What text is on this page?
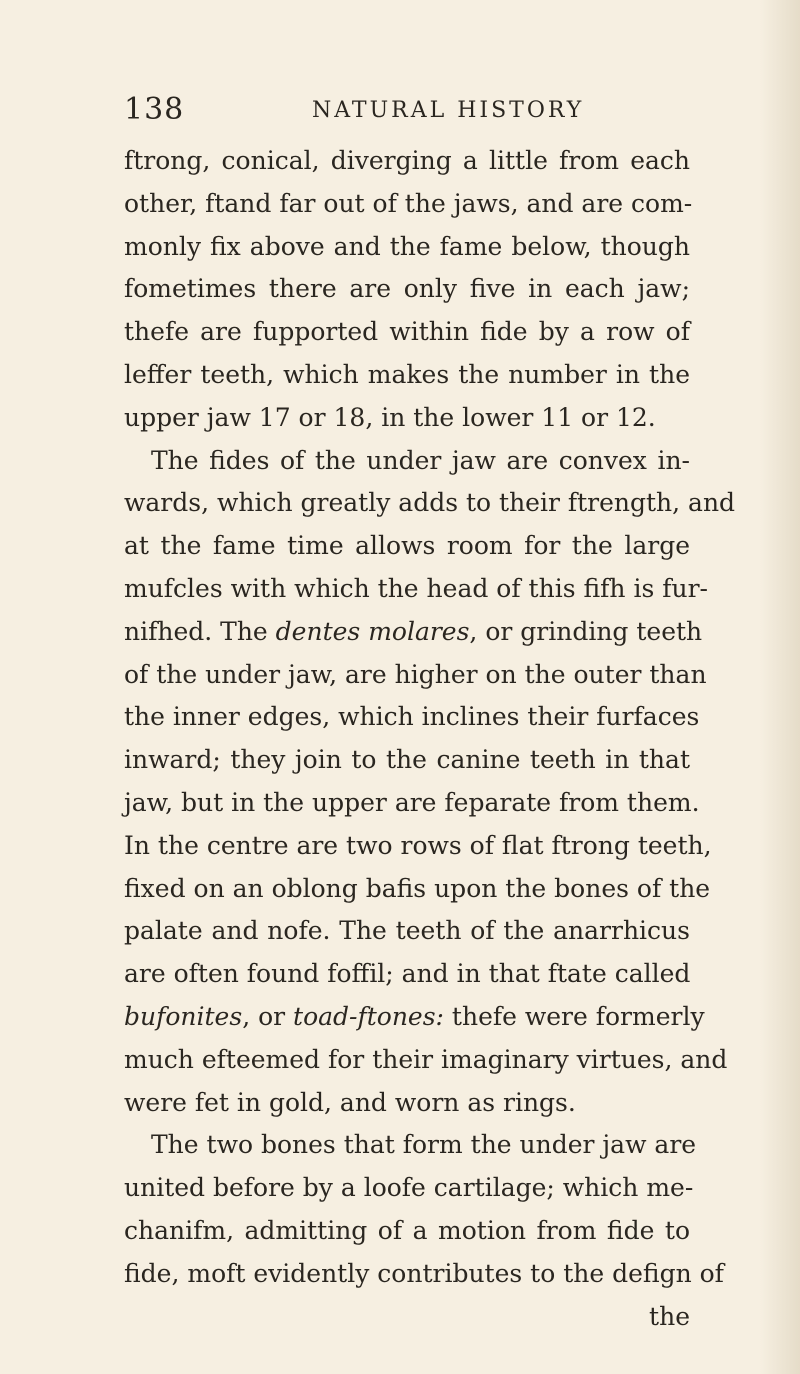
138	NATURAL HISTORY
ftrong, conical, diverging a little from each
other, ftand far out of the jaws, and are com-
monly fix above and the fame below, though
fometimes there are only five in each jaw;
thefe are fupported within fide by a row of
leffer teeth, which makes the number in the
upper jaw 17 or 18, in the lower 11 or 12.
The fides of the under jaw are convex in-
wards, which greatly adds to their ftrength, and
at the fame time allows room for the large
mufcles with which the head of this fifh is fur-
nifhed. The dentes molares, or grinding teeth
of the under jaw, are higher on the outer than
the inner edges, which inclines their furfaces
inward; they join to the canine teeth in that
jaw, but in the upper are feparate from them.
In the centre are two rows of flat ftrong teeth,
fixed on an oblong bafis upon the bones of the
palate and nofe. The teeth of the anarrhicus
are often found foffil; and in that ftate called
bufonites, or toad-ftones: thefe were formerly
much efteemed for their imaginary virtues, and
were fet in gold, and worn as rings.
The two bones that form the under jaw are
united before by a loofe cartilage; which me-
chanifm, admitting of a motion from fide to
fide, moft evidently contributes to the defign of
the
